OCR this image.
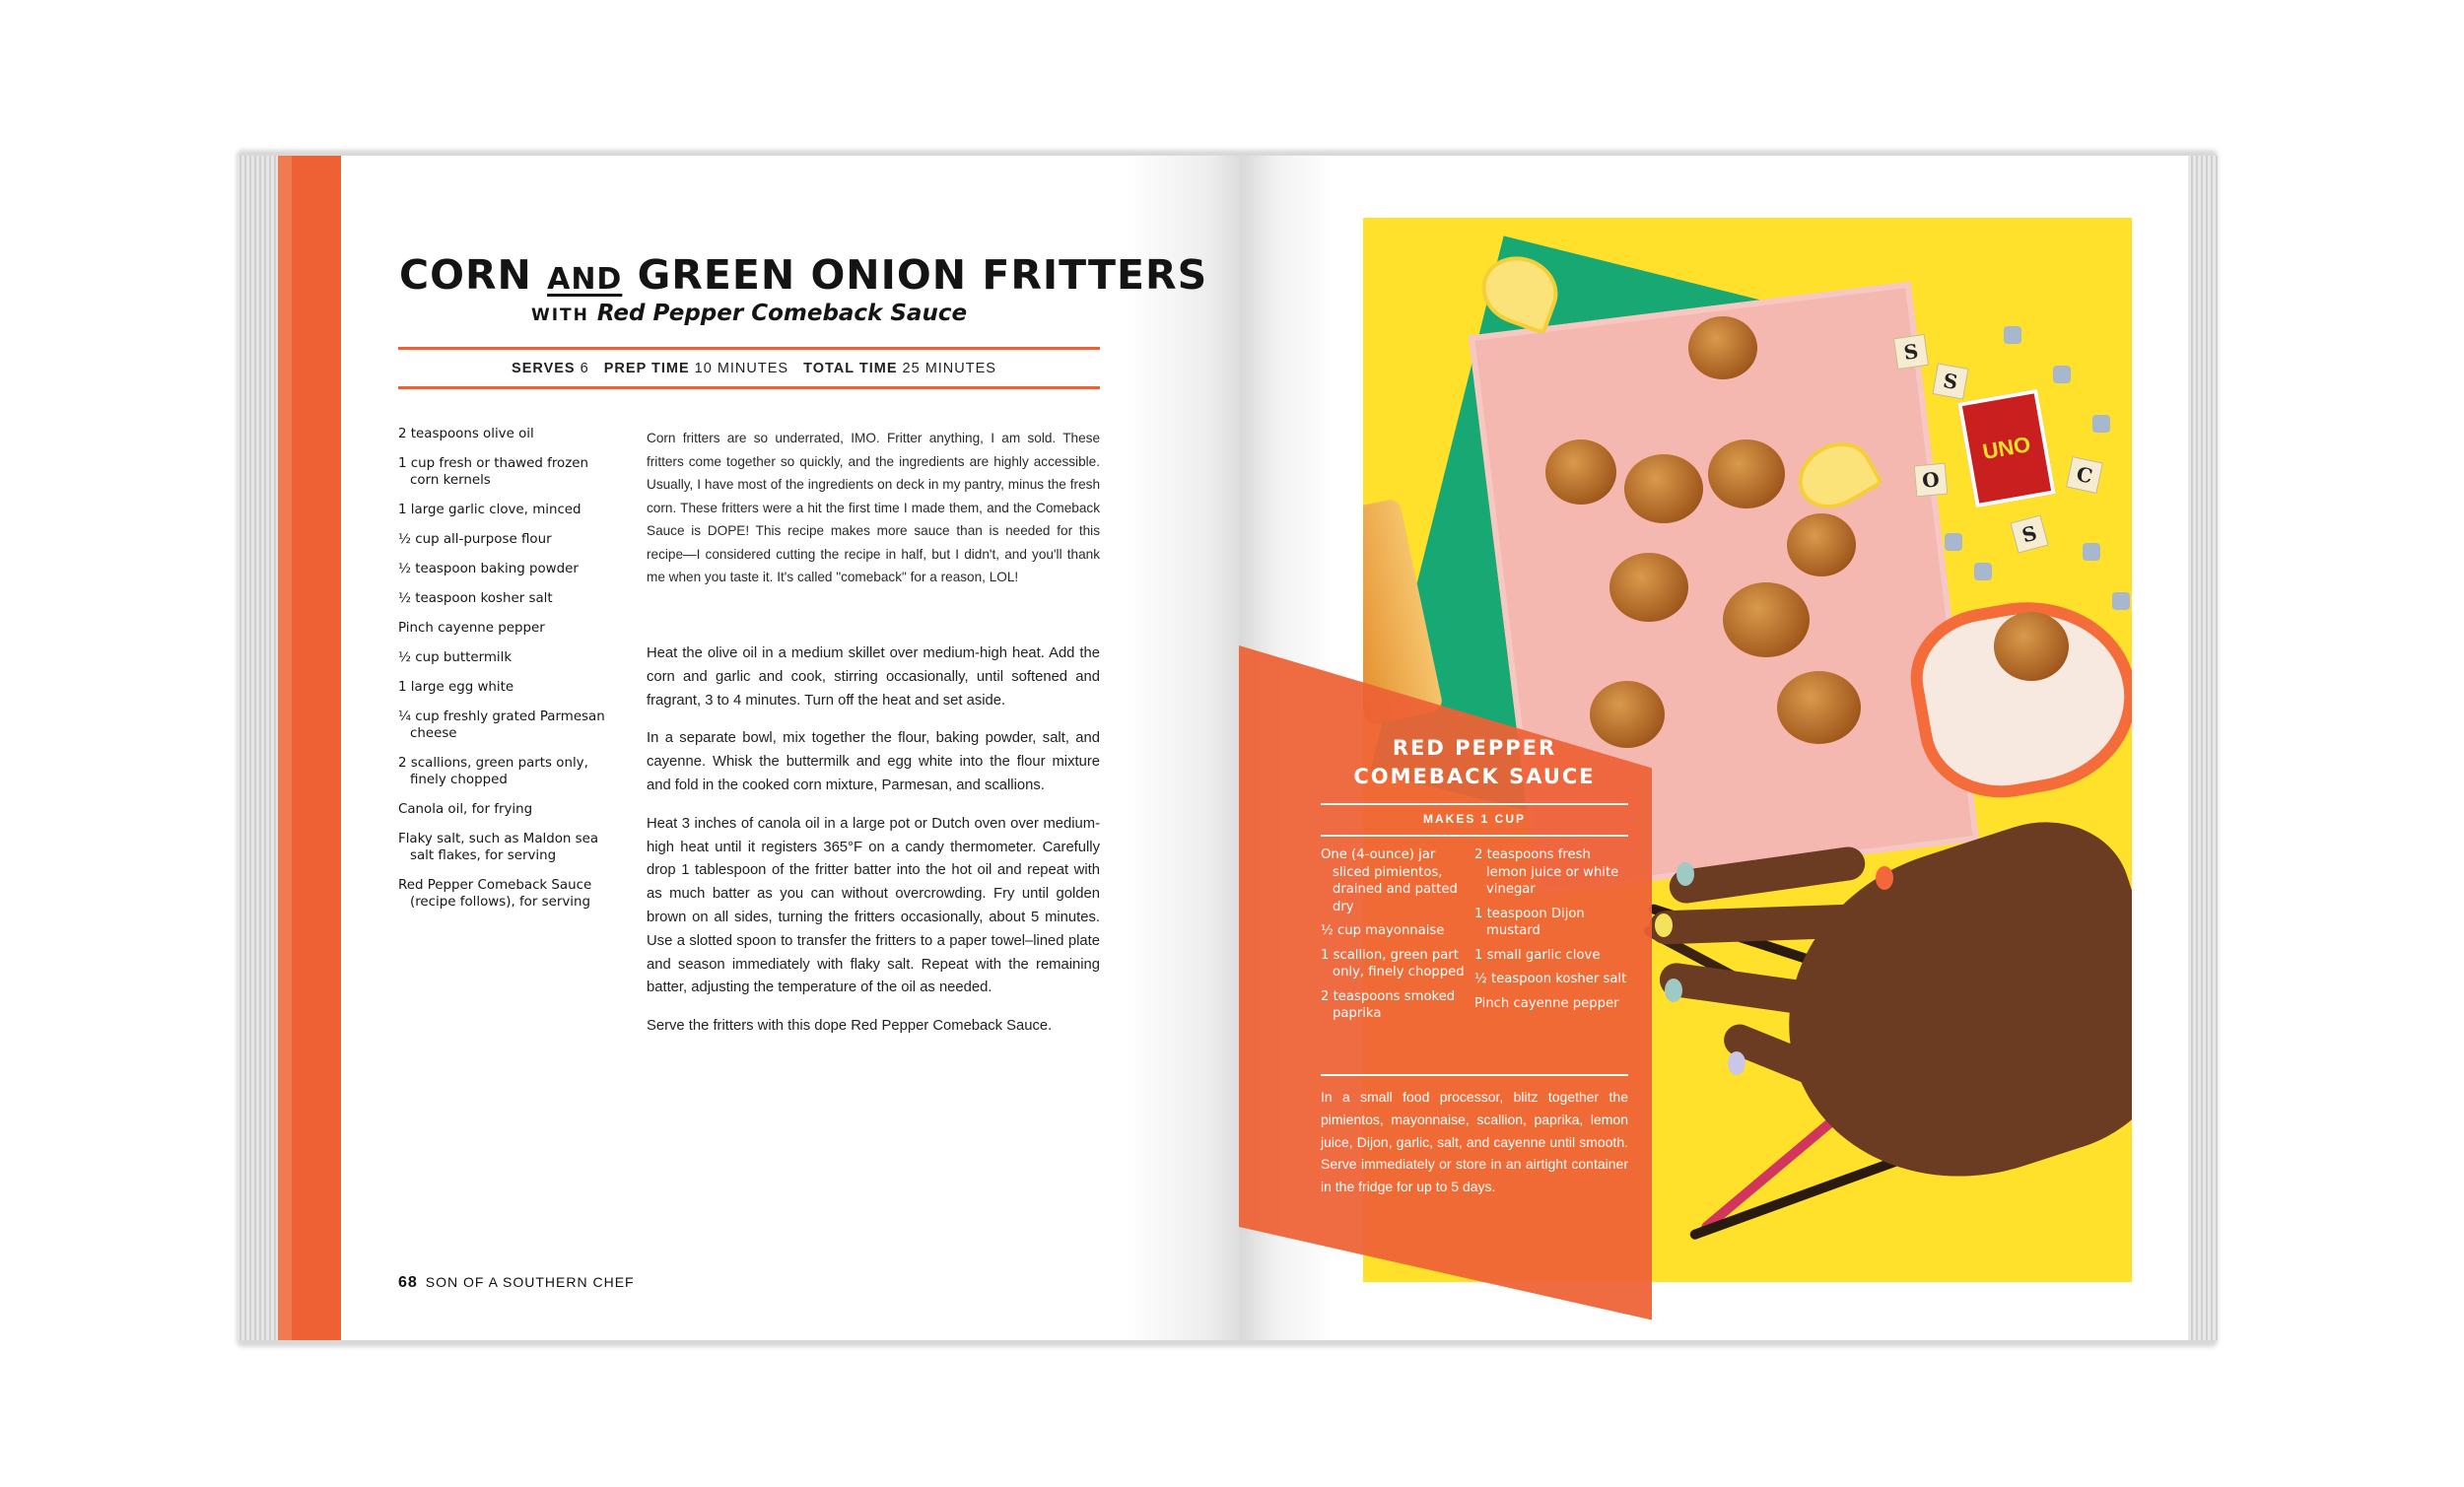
CORN AND GREEN ONION FRITTERS
WITH Red Pepper Comeback Sauce
SERVES 6 PREP TIME 10 MINUTES TOTAL TIME 25 MINUTES
2 teaspoons olive oil
1 cup fresh or thawed frozen corn kernels
1 large garlic clove, minced
½ cup all-purpose flour
½ teaspoon baking powder
½ teaspoon kosher salt
Pinch cayenne pepper
½ cup buttermilk
1 large egg white
¼ cup freshly grated Parmesan cheese
2 scallions, green parts only, finely chopped
Canola oil, for frying
Flaky salt, such as Maldon sea salt flakes, for serving
Red Pepper Comeback Sauce (recipe follows), for serving

Corn fritters are so underrated, IMO. Fritter anything, I am sold. These fritters come together so quickly, and the ingredients are highly accessible. Usually, I have most of the ingredients on deck in my pantry, minus the fresh corn. These fritters were a hit the first time I made them, and the Comeback Sauce is DOPE! This recipe makes more sauce than is needed for this recipe—I considered cutting the recipe in half, but I didn't, and you'll thank me when you taste it. It's called "comeback" for a reason, LOL!

Heat the olive oil in a medium skillet over medium-high heat. Add the corn and garlic and cook, stirring occasionally, until softened and fragrant, 3 to 4 minutes. Turn off the heat and set aside.

In a separate bowl, mix together the flour, baking powder, salt, and cayenne. Whisk the buttermilk and egg white into the flour mixture and fold in the cooked corn mixture, Parmesan, and scallions.

Heat 3 inches of canola oil in a large pot or Dutch oven over medium-high heat until it registers 365°F on a candy thermometer. Carefully drop 1 tablespoon of the fritter batter into the hot oil and repeat with as much batter as you can without overcrowding. Fry until golden brown on all sides, turning the fritters occasionally, about 5 minutes. Use a slotted spoon to transfer the fritters to a paper towel–lined plate and season immediately with flaky salt. Repeat with the remaining batter, adjusting the temperature of the oil as needed.

Serve the fritters with this dope Red Pepper Comeback Sauce.

68 SON OF A SOUTHERN CHEF
UNO
S
S
O	C
S
RED PEPPER
COMEBACK SAUCE
MAKES 1 CUP
One (4-ounce) jar sliced pimientos, drained and patted dry
½ cup mayonnaise
1 scallion, green part only, finely chopped
2 teaspoons smoked paprika
2 teaspoons fresh lemon juice or white vinegar
1 teaspoon Dijon mustard
1 small garlic clove
½ teaspoon kosher salt
Pinch cayenne pepper

In a small food processor, blitz together the pimientos, mayonnaise, scallion, paprika, lemon juice, Dijon, garlic, salt, and cayenne until smooth. Serve immediately or store in an airtight container in the fridge for up to 5 days.
